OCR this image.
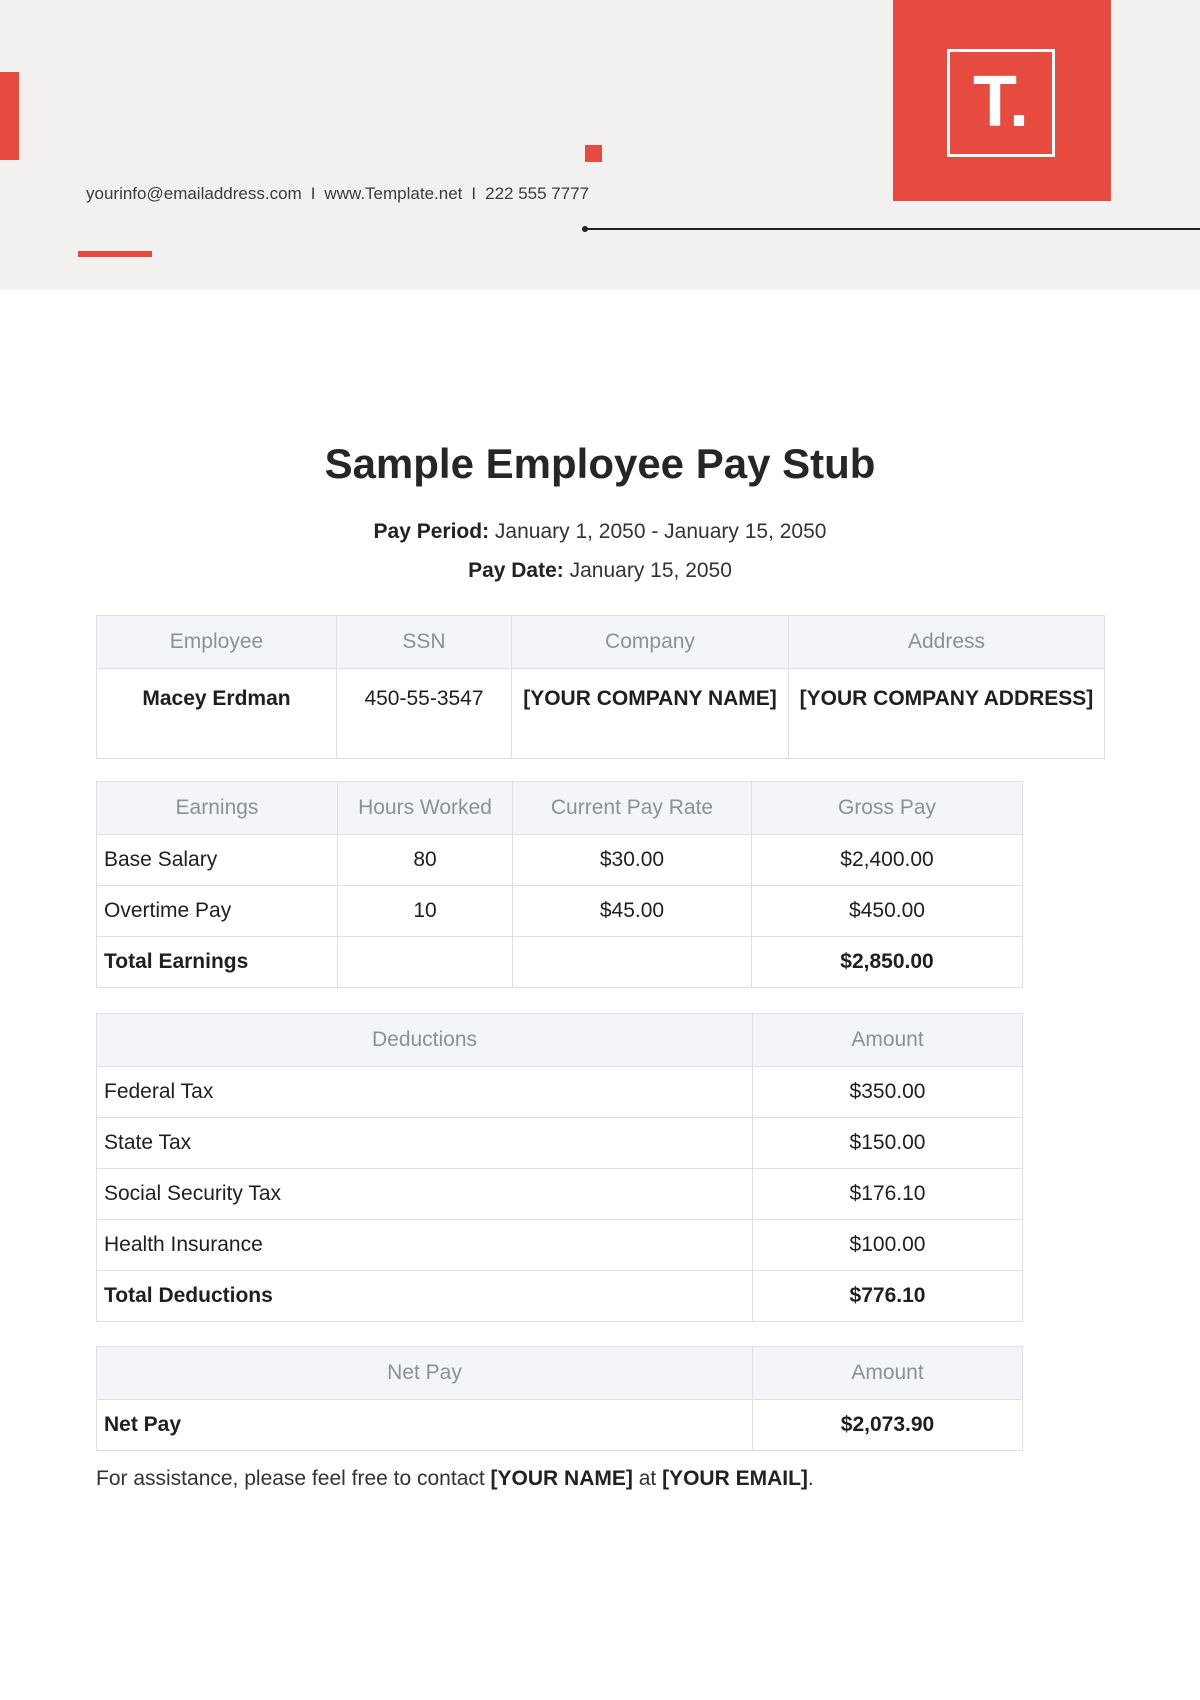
yourinfo@emailaddress.com I www.Template.net I 222 555 7777
T.
Sample Employee Pay Stub
Pay Period: January 1, 2050 - January 15, 2050
Pay Date: January 15, 2050
Employee	SSN	Company	Address
Macey Erdman	450-55-3547	[YOUR COMPANY NAME]	[YOUR COMPANY ADDRESS]
Earnings	Hours Worked	Current Pay Rate	Gross Pay
Base Salary	80	$30.00	$2,400.00
Overtime Pay	10	$45.00	$450.00
Total Earnings			$2,850.00
Deductions	Amount
Federal Tax	$350.00
State Tax	$150.00
Social Security Tax	$176.10
Health Insurance	$100.00
Total Deductions	$776.10
Net Pay	Amount
Net Pay	$2,073.90
For assistance, please feel free to contact [YOUR NAME] at [YOUR EMAIL].
